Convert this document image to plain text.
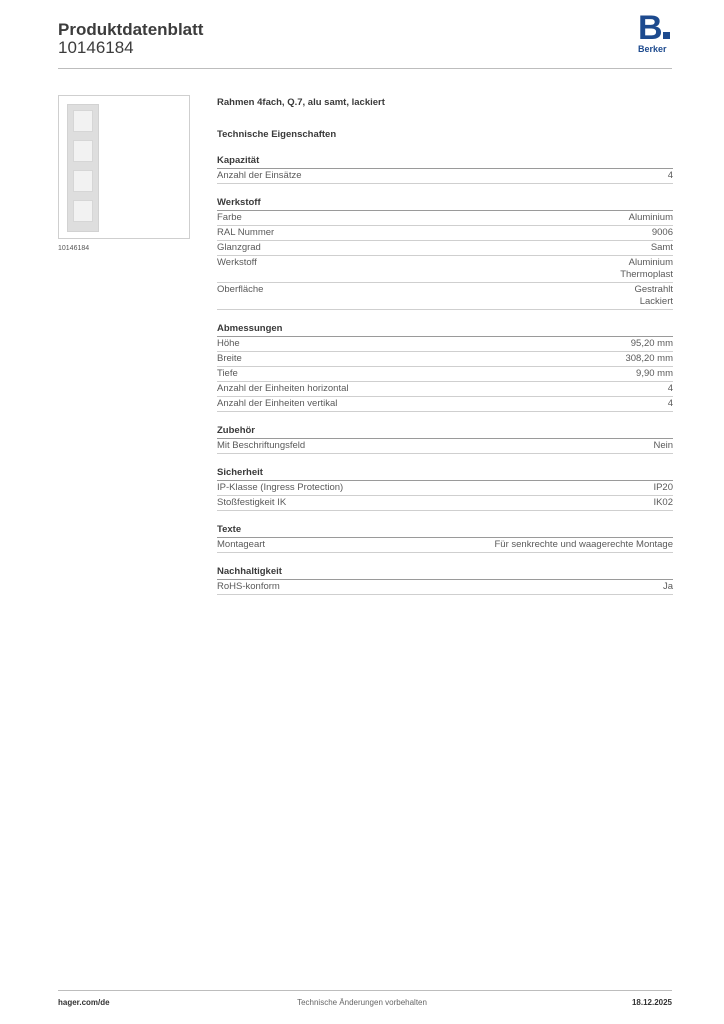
Produktdatenblatt
10146184
B
Berker
10146184
Rahmen 4fach, Q.7, alu samt, lackiert
Technische Eigenschaften
Kapazität
Anzahl der Einsätze	4
Werkstoff
Farbe	Aluminium
RAL Nummer	9006
Glanzgrad	Samt
Werkstoff	Aluminium
Thermoplast
Oberfläche	Gestrahlt
Lackiert
Abmessungen
Höhe	95,20 mm
Breite	308,20 mm
Tiefe	9,90 mm
Anzahl der Einheiten horizontal	4
Anzahl der Einheiten vertikal	4
Zubehör
Mit Beschriftungsfeld	Nein
Sicherheit
IP-Klasse (Ingress Protection)	IP20
Stoßfestigkeit IK	IK02
Texte
Montageart	Für senkrechte und waagerechte Montage
Nachhaltigkeit
RoHS-konform	Ja
hager.com/de	Technische Änderungen vorbehalten	18.12.2025
